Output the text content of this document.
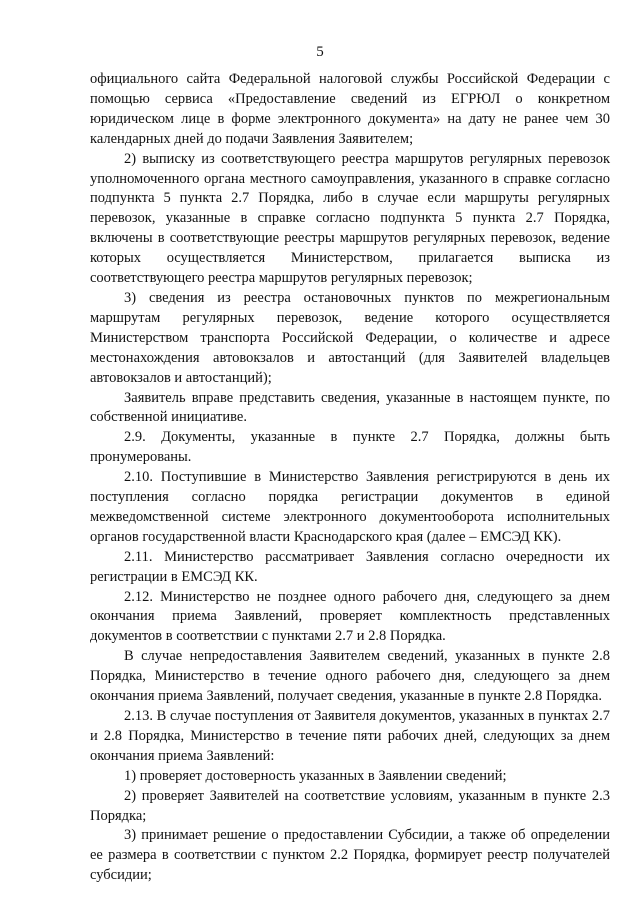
5

официального сайта Федеральной налоговой службы Российской Федерации с помощью сервиса «Предоставление сведений из ЕГРЮЛ о конкретном юридическом лице в форме электронного документа» на дату не ранее чем 30 календарных дней до подачи Заявления Заявителем;

2) выписку из соответствующего реестра маршрутов регулярных перевозок уполномоченного органа местного самоуправления, указанного в справке согласно подпункта 5 пункта 2.7 Порядка, либо в случае если маршруты регулярных перевозок, указанные в справке согласно подпункта 5 пункта 2.7 Порядка, включены в соответствующие реестры маршрутов регулярных перевозок, ведение которых осуществляется Министерством, прилагается выписка из соответствующего реестра маршрутов регулярных перевозок;

3) сведения из реестра остановочных пунктов по межрегиональным маршрутам регулярных перевозок, ведение которого осуществляется Министерством транспорта Российской Федерации, о количестве и адресе местонахождения автовокзалов и автостанций (для Заявителей владельцев автовокзалов и автостанций);

Заявитель вправе представить сведения, указанные в настоящем пункте, по собственной инициативе.

2.9. Документы, указанные в пункте 2.7 Порядка, должны быть пронумерованы.

2.10. Поступившие в Министерство Заявления регистрируются в день их поступления согласно порядка регистрации документов в единой межведомственной системе электронного документооборота исполнительных органов государственной власти Краснодарского края (далее – ЕМСЭД КК).

2.11. Министерство рассматривает Заявления согласно очередности их регистрации в ЕМСЭД КК.

2.12. Министерство не позднее одного рабочего дня, следующего за днем окончания приема Заявлений, проверяет комплектность представленных документов в соответствии с пунктами 2.7 и 2.8 Порядка.

В случае непредоставления Заявителем сведений, указанных в пункте 2.8 Порядка, Министерство в течение одного рабочего дня, следующего за днем окончания приема Заявлений, получает сведения, указанные в пункте 2.8 Порядка.

2.13. В случае поступления от Заявителя документов, указанных в пунктах 2.7 и 2.8 Порядка, Министерство в течение пяти рабочих дней, следующих за днем окончания приема Заявлений:

1) проверяет достоверность указанных в Заявлении сведений;

2) проверяет Заявителей на соответствие условиям, указанным в пункте 2.3 Порядка;

3) принимает решение о предоставлении Субсидии, а также об определении ее размера в соответствии с пунктом 2.2 Порядка, формирует реестр получателей субсидии;
